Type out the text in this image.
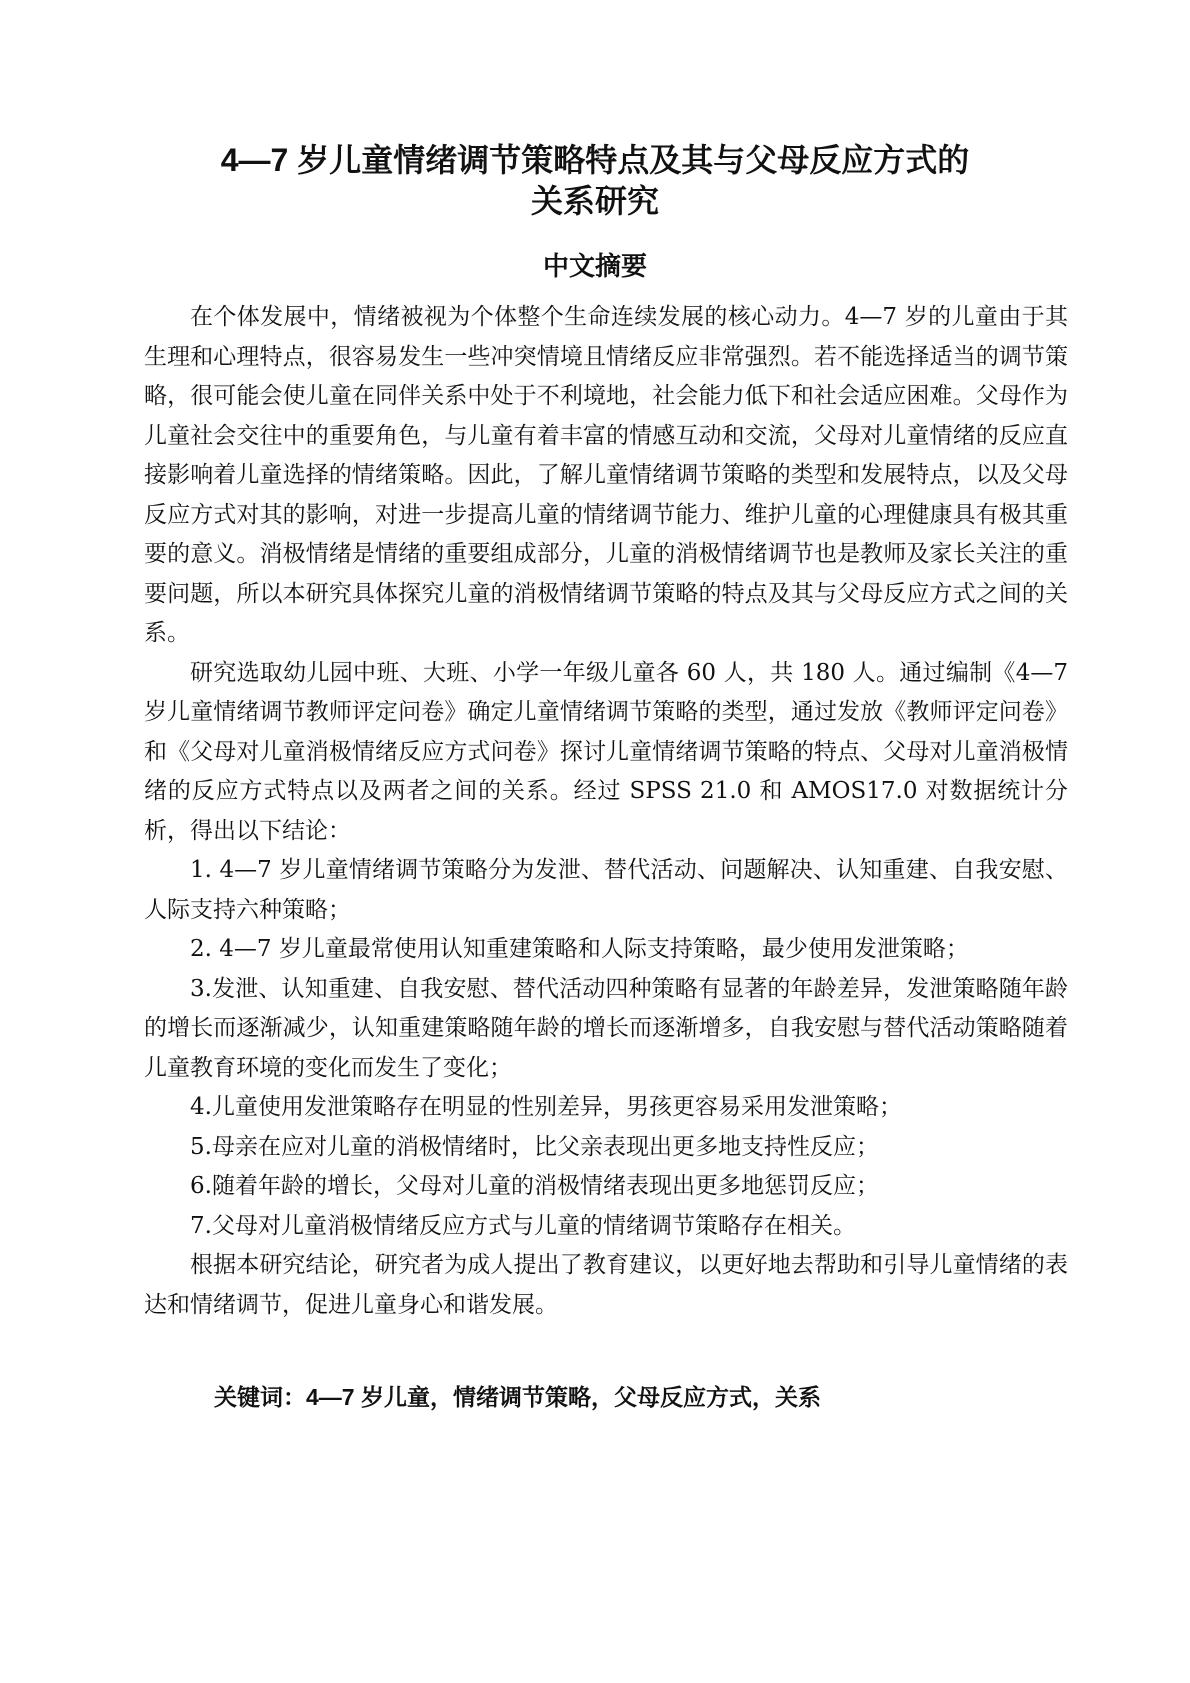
4—7 岁儿童情绪调节策略特点及其与父母反应方式的
关系研究
中文摘要

在个体发展中，情绪被视为个体整个生命连续发展的核心动力。4—7 岁的儿童由于其生理和心理特点，很容易发生一些冲突情境且情绪反应非常强烈。若不能选择适当的调节策略，很可能会使儿童在同伴关系中处于不利境地，社会能力低下和社会适应困难。父母作为儿童社会交往中的重要角色，与儿童有着丰富的情感互动和交流，父母对儿童情绪的反应直接影响着儿童选择的情绪策略。因此，了解儿童情绪调节策略的类型和发展特点，以及父母反应方式对其的影响，对进一步提高儿童的情绪调节能力、维护儿童的心理健康具有极其重要的意义。消极情绪是情绪的重要组成部分，儿童的消极情绪调节也是教师及家长关注的重要问题，所以本研究具体探究儿童的消极情绪调节策略的特点及其与父母反应方式之间的关系。

研究选取幼儿园中班、大班、小学一年级儿童各 60 人，共 180 人。通过编制《4—7 岁儿童情绪调节教师评定问卷》确定儿童情绪调节策略的类型，通过发放《教师评定问卷》和《父母对儿童消极情绪反应方式问卷》探讨儿童情绪调节策略的特点、父母对儿童消极情绪的反应方式特点以及两者之间的关系。经过 SPSS 21.0 和 AMOS17.0 对数据统计分析，得出以下结论：

1. 4—7 岁儿童情绪调节策略分为发泄、替代活动、问题解决、认知重建、自我安慰、人际支持六种策略；

2. 4—7 岁儿童最常使用认知重建策略和人际支持策略，最少使用发泄策略；

3.发泄、认知重建、自我安慰、替代活动四种策略有显著的年龄差异，发泄策略随年龄的增长而逐渐减少，认知重建策略随年龄的增长而逐渐增多，自我安慰与替代活动策略随着儿童教育环境的变化而发生了变化；

4.儿童使用发泄策略存在明显的性别差异，男孩更容易采用发泄策略；

5.母亲在应对儿童的消极情绪时，比父亲表现出更多地支持性反应；

6.随着年龄的增长，父母对儿童的消极情绪表现出更多地惩罚反应；

7.父母对儿童消极情绪反应方式与儿童的情绪调节策略存在相关。

根据本研究结论，研究者为成人提出了教育建议，以更好地去帮助和引导儿童情绪的表达和情绪调节，促进儿童身心和谐发展。

关键词：4—7 岁儿童，情绪调节策略，父母反应方式，关系
